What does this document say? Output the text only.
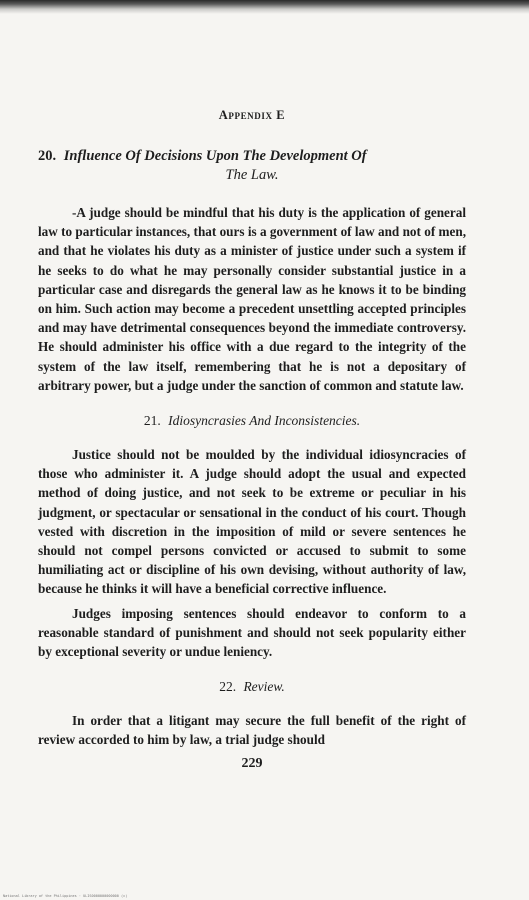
Appendix E
20. Influence Of Decisions Upon The Development Of
The Law.

-A judge should be mindful that his duty is the application of general law to particular instances, that ours is a government of law and not of men, and that he violates his duty as a minister of justice under such a system if he seeks to do what he may personally consider substantial justice in a particular case and disregards the general law as he knows it to be binding on him. Such action may become a precedent unsettling accepted principles and may have detrimental consequences beyond the immediate controversy. He should administer his office with a due regard to the integrity of the system of the law itself, remembering that he is not a depositary of arbitrary power, but a judge under the sanction of common and statute law.

21. Idiosyncrasies And Inconsistencies.

Justice should not be moulded by the individual idiosyncracies of those who administer it. A judge should adopt the usual and expected method of doing justice, and not seek to be extreme or peculiar in his judgment, or spectacular or sensational in the conduct of his court. Though vested with discretion in the imposition of mild or severe sentences he should not compel persons convicted or accused to submit to some humiliating act or discipline of his own devising, without authority of law, because he thinks it will have a beneficial corrective influence.

Judges imposing sentences should endeavor to conform to a reasonable standard of punishment and should not seek popularity either by exceptional severity or undue leniency.

22. Review.

In order that a litigant may secure the full benefit of the right of review accorded to him by law, a trial judge should

229
National Library of the Philippines · ULIS0000000000000 (c)
